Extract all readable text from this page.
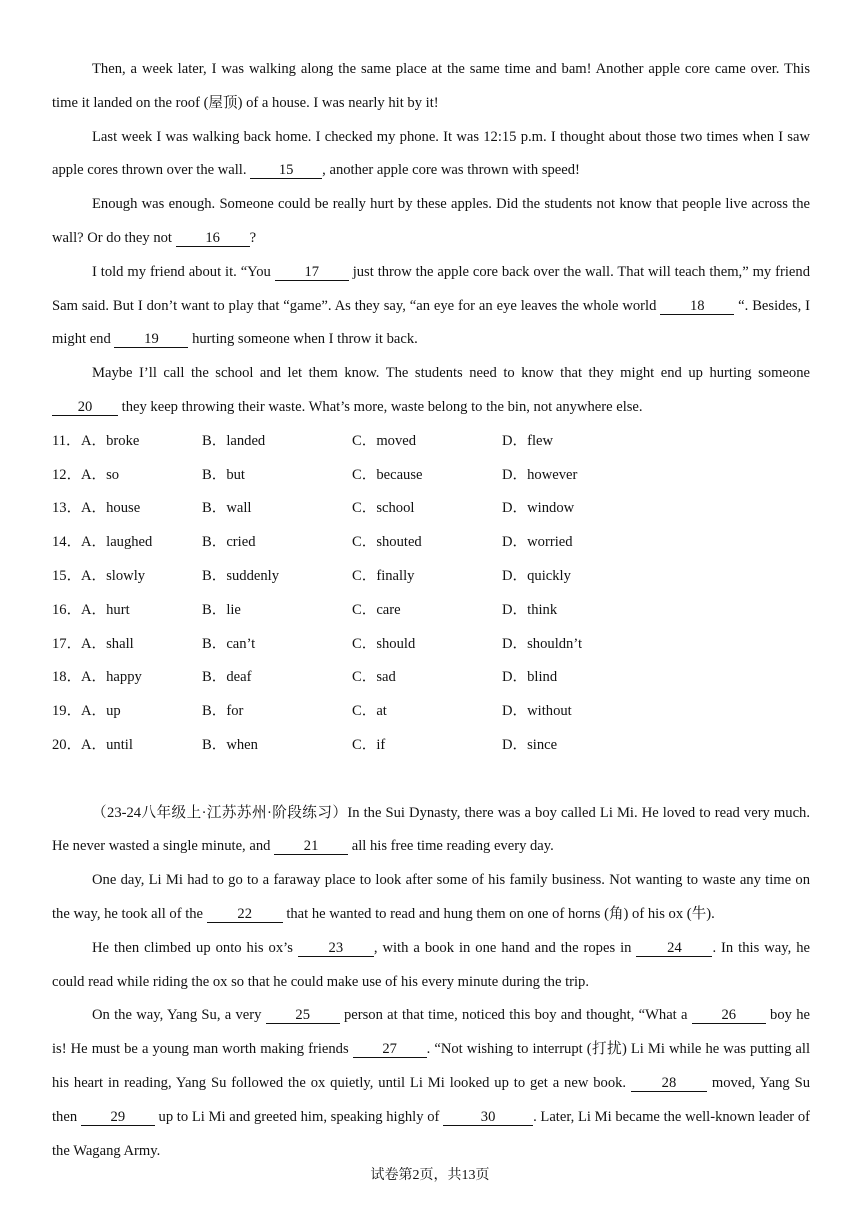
Then, a week later, I was walking along the same place at the same time and bam! Another apple core came over. This time it landed on the roof (屋顶) of a house. I was nearly hit by it!

Last week I was walking back home. I checked my phone. It was 12:15 p.m. I thought about those two times when I saw apple cores thrown over the wall. 15 , another apple core was thrown with speed!

Enough was enough. Someone could be really hurt by these apples. Did the students not know that people live across the wall? Or do they not 16 ?

I told my friend about it. “You 17 just throw the apple core back over the wall. That will teach them,” my friend Sam said. But I don’t want to play that “game”. As they say, “an eye for an eye leaves the whole world 18 “. Besides, I might end 19 hurting someone when I throw it back.

Maybe I’ll call the school and let them know. The students need to know that they might end up hurting someone 20 they keep throwing their waste. What’s more, waste belong to the bin, not anywhere else.

11． A．broke	B．landed	C．moved	D．flew
12． A．so	B．but	C．because	D．however
13． A．house	B．wall	C．school	D．window
14． A．laughed	B．cried	C．shouted	D．worried
15． A．slowly	B．suddenly	C．finally	D．quickly
16． A．hurt	B．lie	C．care	D．think
17． A．shall	B．can’t	C．should	D．shouldn’t
18． A．happy	B．deaf	C．sad	D．blind
19． A．up	B．for	C．at	D．without
20． A．until	B．when	C．if	D．since

（23-24八年级上·江苏苏州·阶段练习）In the Sui Dynasty, there was a boy called Li Mi. He loved to read very much. He never wasted a single minute, and 21 all his free time reading every day.

One day, Li Mi had to go to a faraway place to look after some of his family business. Not wanting to waste any time on the way, he took all of the 22 that he wanted to read and hung them on one of horns (角) of his ox (牛).

He then climbed up onto his ox’s 23 , with a book in one hand and the ropes in 24 . In this way, he could read while riding the ox so that he could make use of his every minute during the trip.

On the way, Yang Su, a very 25 person at that time, noticed this boy and thought, “What a 26 boy he is! He must be a young man worth making friends 27 . “Not wishing to interrupt (打扰) Li Mi while he was putting all his heart in reading, Yang Su followed the ox quietly, until Li Mi looked up to get a new book. 28 moved, Yang Su then 29 up to Li Mi and greeted him, speaking highly of	30	. Later, Li Mi became the well-known leader of the Wagang Army.

试卷第2页，共13页
